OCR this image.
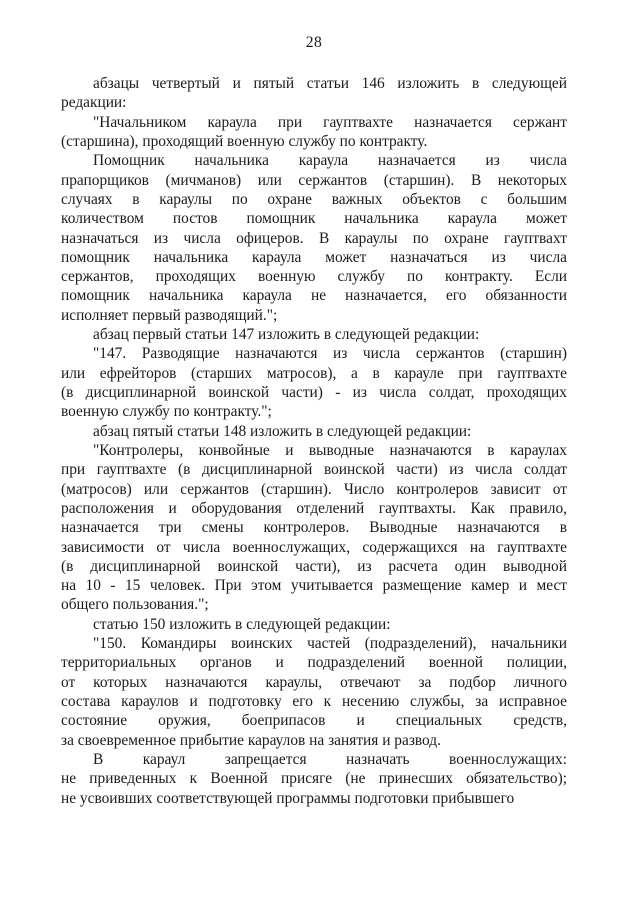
28
абзацы четвертый и пятый статьи 146 изложить в следующей
редакции:
"Начальником караула при гауптвахте назначается сержант
(старшина), проходящий военную службу по контракту.
Помощник начальника караула назначается из числа
прапорщиков (мичманов) или сержантов (старшин). В некоторых
случаях в караулы по охране важных объектов с большим
количеством постов помощник начальника караула может
назначаться из числа офицеров. В караулы по охране гауптвахт
помощник начальника караула может назначаться из числа
сержантов, проходящих военную службу по контракту. Если
помощник начальника караула не назначается, его обязанности
исполняет первый разводящий.";
абзац первый статьи 147 изложить в следующей редакции:
"147. Разводящие назначаются из числа сержантов (старшин)
или ефрейторов (старших матросов), а в карауле при гауптвахте
(в дисциплинарной воинской части) - из числа солдат, проходящих
военную службу по контракту.";
абзац пятый статьи 148 изложить в следующей редакции:
"Контролеры, конвойные и выводные назначаются в караулах
при гауптвахте (в дисциплинарной воинской части) из числа солдат
(матросов) или сержантов (старшин). Число контролеров зависит от
расположения и оборудования отделений гауптвахты. Как правило,
назначается три смены контролеров. Выводные назначаются в
зависимости от числа военнослужащих, содержащихся на гауптвахте
(в дисциплинарной воинской части), из расчета один выводной
на 10 - 15 человек. При этом учитывается размещение камер и мест
общего пользования.";
статью 150 изложить в следующей редакции:
"150. Командиры воинских частей (подразделений), начальники
территориальных органов и подразделений военной полиции,
от которых назначаются караулы, отвечают за подбор личного
состава караулов и подготовку его к несению службы, за исправное
состояние оружия, боеприпасов и специальных средств,
за своевременное прибытие караулов на занятия и развод.
В караул запрещается назначать военнослужащих:
не приведенных к Военной присяге (не принесших обязательство);
не усвоивших соответствующей программы подготовки прибывшего
